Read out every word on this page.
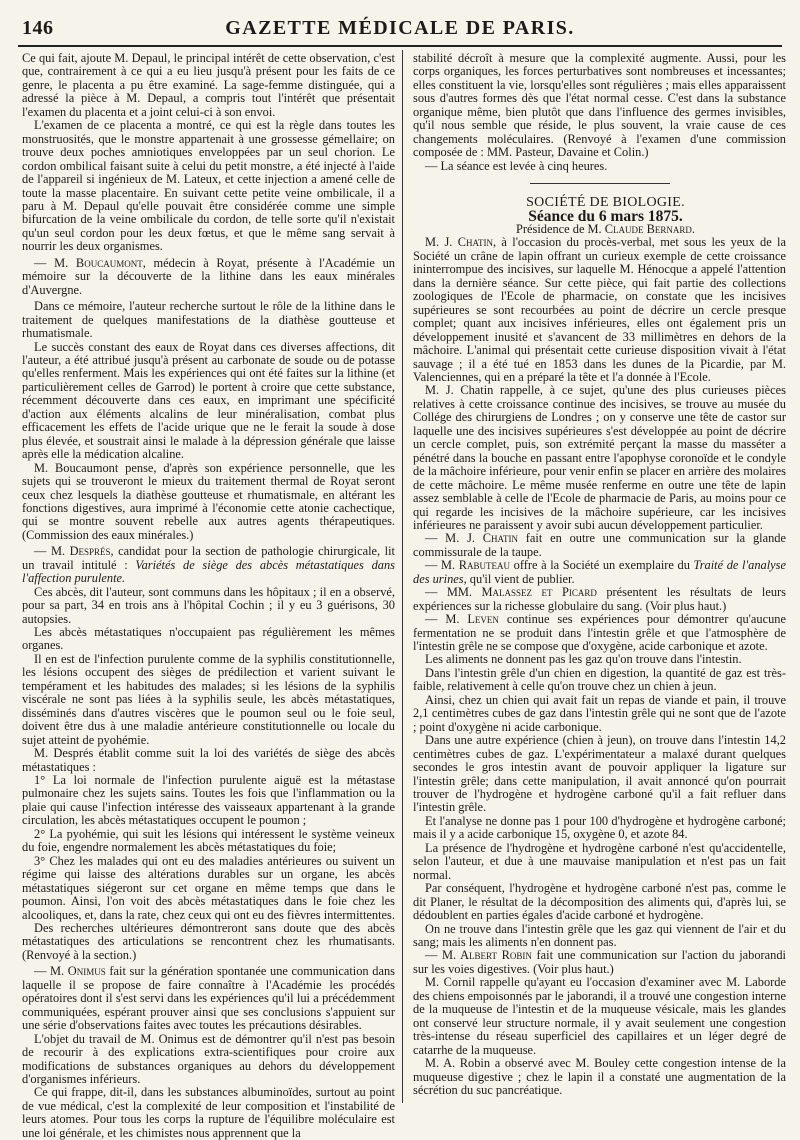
146	GAZETTE MÉDICALE DE PARIS.

Ce qui fait, ajoute M. Depaul, le principal intérêt de cette observation, c'est que, contrairement à ce qui a eu lieu jusqu'à présent pour les faits de ce genre, le placenta a pu être examiné. La sage-femme distinguée, qui a adressé la pièce à M. Depaul, a compris tout l'intérêt que présentait l'examen du placenta et a joint celui-ci à son envoi.

L'examen de ce placenta a montré, ce qui est la règle dans toutes les monstruosités, que le monstre appartenait à une grossesse gémellaire; on trouve deux poches amniotiques enveloppées par un seul chorion. Le cordon ombilical faisant suite à celui du petit monstre, a été injecté à l'aide de l'appareil si ingénieux de M. Lateux, et cette injection a amené celle de toute la masse placentaire. En suivant cette petite veine ombilicale, il a paru à M. Depaul qu'elle pouvait être considérée comme une simple bifurcation de la veine ombilicale du cordon, de telle sorte qu'il n'existait qu'un seul cordon pour les deux fœtus, et que le même sang servait à nourrir les deux organismes.

— M. Boucaumont, médecin à Royat, présente à l'Académie un mémoire sur la découverte de la lithine dans les eaux minérales d'Auvergne.

Dans ce mémoire, l'auteur recherche surtout le rôle de la lithine dans le traitement de quelques manifestations de la diathèse goutteuse et rhumatismale.

Le succès constant des eaux de Royat dans ces diverses affections, dit l'auteur, a été attribué jusqu'à présent au carbonate de soude ou de potasse qu'elles renferment. Mais les expériences qui ont été faites sur la lithine (et particulièrement celles de Garrod) le portent à croire que cette substance, récemment découverte dans ces eaux, en imprimant une spécificité d'action aux éléments alcalins de leur minéralisation, combat plus efficacement les effets de l'acide urique que ne le ferait la soude à dose plus élevée, et soustrait ainsi le malade à la dépression générale que laisse après elle la médication alcaline.

M. Boucaumont pense, d'après son expérience personnelle, que les sujets qui se trouveront le mieux du traitement thermal de Royat seront ceux chez lesquels la diathèse goutteuse et rhumatismale, en altérant les fonctions digestives, aura imprimé à l'économie cette atonie cachectique, qui se montre souvent rebelle aux autres agents thérapeutiques. (Commission des eaux minérales.)

— M. Després, candidat pour la section de pathologie chirurgicale, lit un travail intitulé : Variétés de siège des abcès métastatiques dans l'affection purulente.

Ces abcès, dit l'auteur, sont communs dans les hôpitaux ; il en a observé, pour sa part, 34 en trois ans à l'hôpital Cochin ; il y eu 3 guérisons, 30 autopsies.

Les abcès métastatiques n'occupaient pas régulièrement les mêmes organes.

Il en est de l'infection purulente comme de la syphilis constitutionnelle, les lésions occupent des sièges de prédilection et varient suivant le tempérament et les habitudes des malades; si les lésions de la syphilis viscérale ne sont pas liées à la syphilis seule, les abcès métastatiques, disséminés dans d'autres viscères que le poumon seul ou le foie seul, doivent être dus à une maladie antérieure constitutionnelle ou locale du sujet atteint de pyohémie.

M. Després établit comme suit la loi des variétés de siège des abcès métastatiques :

1° La loi normale de l'infection purulente aiguë est la métastase pulmonaire chez les sujets sains. Toutes les fois que l'inflammation ou la plaie qui cause l'infection intéresse des vaisseaux appartenant à la grande circulation, les abcès métastatiques occupent le poumon ;

2° La pyohémie, qui suit les lésions qui intéressent le système veineux du foie, engendre normalement les abcès métastatiques du foie;

3° Chez les malades qui ont eu des maladies antérieures ou suivent un régime qui laisse des altérations durables sur un organe, les abcès métastatiques siégeront sur cet organe en même temps que dans le poumon. Ainsi, l'on voit des abcès métastatiques dans le foie chez les alcooliques, et, dans la rate, chez ceux qui ont eu des fièvres intermittentes.

Des recherches ultérieures démontreront sans doute que des abcès métastatiques des articulations se rencontrent chez les rhumatisants. (Renvoyé à la section.)

— M. Onimus fait sur la génération spontanée une communication dans laquelle il se propose de faire connaître à l'Académie les procédés opératoires dont il s'est servi dans les expériences qu'il lui a précédemment communiquées, espérant prouver ainsi que ses conclusions s'appuient sur une série d'observations faites avec toutes les précautions désirables.

L'objet du travail de M. Onimus est de démontrer qu'il n'est pas besoin de recourir à des explications extra-scientifiques pour croire aux modifications de substances organiques au dehors du développement d'organismes inférieurs.

Ce qui frappe, dit-il, dans les substances albuminoïdes, surtout au point de vue médical, c'est la complexité de leur composition et l'instabilité de leurs atomes. Pour tous les corps la rupture de l'équilibre moléculaire est une loi générale, et les chimistes nous apprennent que la

stabilité décroît à mesure que la complexité augmente. Aussi, pour les corps organiques, les forces perturbatives sont nombreuses et incessantes; elles constituent la vie, lorsqu'elles sont régulières ; mais elles apparaissent sous d'autres formes dès que l'état normal cesse. C'est dans la substance organique même, bien plutôt que dans l'influence des germes invisibles, qu'il nous semble que réside, le plus souvent, la vraie cause de ces changements moléculaires. (Renvoyé à l'examen d'une commission composée de : MM. Pasteur, Davaine et Colin.)

— La séance est levée à cinq heures.

SOCIÉTÉ DE BIOLOGIE.

Séance du 6 mars 1875.

Présidence de M. Claude Bernard.

M. J. Chatin, à l'occasion du procès-verbal, met sous les yeux de la Société un crâne de lapin offrant un curieux exemple de cette croissance ininterrompue des incisives, sur laquelle M. Hénocque a appelé l'attention dans la dernière séance. Sur cette pièce, qui fait partie des collections zoologiques de l'Ecole de pharmacie, on constate que les incisives supérieures se sont recourbées au point de décrire un cercle presque complet; quant aux incisives inférieures, elles ont également pris un développement inusité et s'avancent de 33 millimètres en dehors de la mâchoire. L'animal qui présentait cette curieuse disposition vivait à l'état sauvage ; il a été tué en 1853 dans les dunes de la Picardie, par M. Valenciennes, qui en a préparé la tête et l'a donnée à l'Ecole.

M. J. Chatin rappelle, à ce sujet, qu'une des plus curieuses pièces relatives à cette croissance continue des incisives, se trouve au musée du Collége des chirurgiens de Londres ; on y conserve une tête de castor sur laquelle une des incisives supérieures s'est développée au point de décrire un cercle complet, puis, son extrémité perçant la masse du masséter a pénétré dans la bouche en passant entre l'apophyse coronoïde et le condyle de la mâchoire inférieure, pour venir enfin se placer en arrière des molaires de cette mâchoire. Le même musée renferme en outre une tête de lapin assez semblable à celle de l'Ecole de pharmacie de Paris, au moins pour ce qui regarde les incisives de la mâchoire supérieure, car les incisives inférieures ne paraissent y avoir subi aucun développement particulier.

— M. J. Chatin fait en outre une communication sur la glande commissurale de la taupe.

— M. Rabuteau offre à la Société un exemplaire du Traité de l'analyse des urines, qu'il vient de publier.

— MM. Malassez et Picard présentent les résultats de leurs expériences sur la richesse globulaire du sang. (Voir plus haut.)

— M. Leven continue ses expériences pour démontrer qu'aucune fermentation ne se produit dans l'intestin grêle et que l'atmosphère de l'intestin grêle ne se compose que d'oxygène, acide carbonique et azote.

Les aliments ne donnent pas les gaz qu'on trouve dans l'intestin.

Dans l'intestin grêle d'un chien en digestion, la quantité de gaz est très-faible, relativement à celle qu'on trouve chez un chien à jeun.

Ainsi, chez un chien qui avait fait un repas de viande et pain, il trouve 2,1 centimètres cubes de gaz dans l'intestin grêle qui ne sont que de l'azote ; point d'oxygène ni acide carbonique.

Dans une autre expérience (chien à jeun), on trouve dans l'intestin 14,2 centimètres cubes de gaz. L'expérimentateur a malaxé durant quelques secondes le gros intestin avant de pouvoir appliquer la ligature sur l'intestin grêle; dans cette manipulation, il avait annoncé qu'on pourrait trouver de l'hydrogène et hydrogène carboné qu'il a fait refluer dans l'intestin grêle.

Et l'analyse ne donne pas 1 pour 100 d'hydrogène et hydrogène carboné; mais il y a acide carbonique 15, oxygène 0, et azote 84.

La présence de l'hydrogène et hydrogène carboné n'est qu'accidentelle, selon l'auteur, et due à une mauvaise manipulation et n'est pas un fait normal.

Par conséquent, l'hydrogène et hydrogène carboné n'est pas, comme le dit Planer, le résultat de la décomposition des aliments qui, d'après lui, se dédoublent en parties égales d'acide carboné et hydrogène.

On ne trouve dans l'intestin grêle que les gaz qui viennent de l'air et du sang; mais les aliments n'en donnent pas.

— M. Albert Robin fait une communication sur l'action du jaborandi sur les voies digestives. (Voir plus haut.)

M. Cornil rappelle qu'ayant eu l'occasion d'examiner avec M. Laborde des chiens empoisonnés par le jaborandi, il a trouvé une congestion interne de la muqueuse de l'intestin et de la muqueuse vésicale, mais les glandes ont conservé leur structure normale, il y avait seulement une congestion très-intense du réseau superficiel des capillaires et un léger degré de catarrhe de la muqueuse.

M. A. Robin a observé avec M. Bouley cette congestion intense de la muqueuse digestive ; chez le lapin il a constaté une augmentation de la sécrétion du suc pancréatique.
